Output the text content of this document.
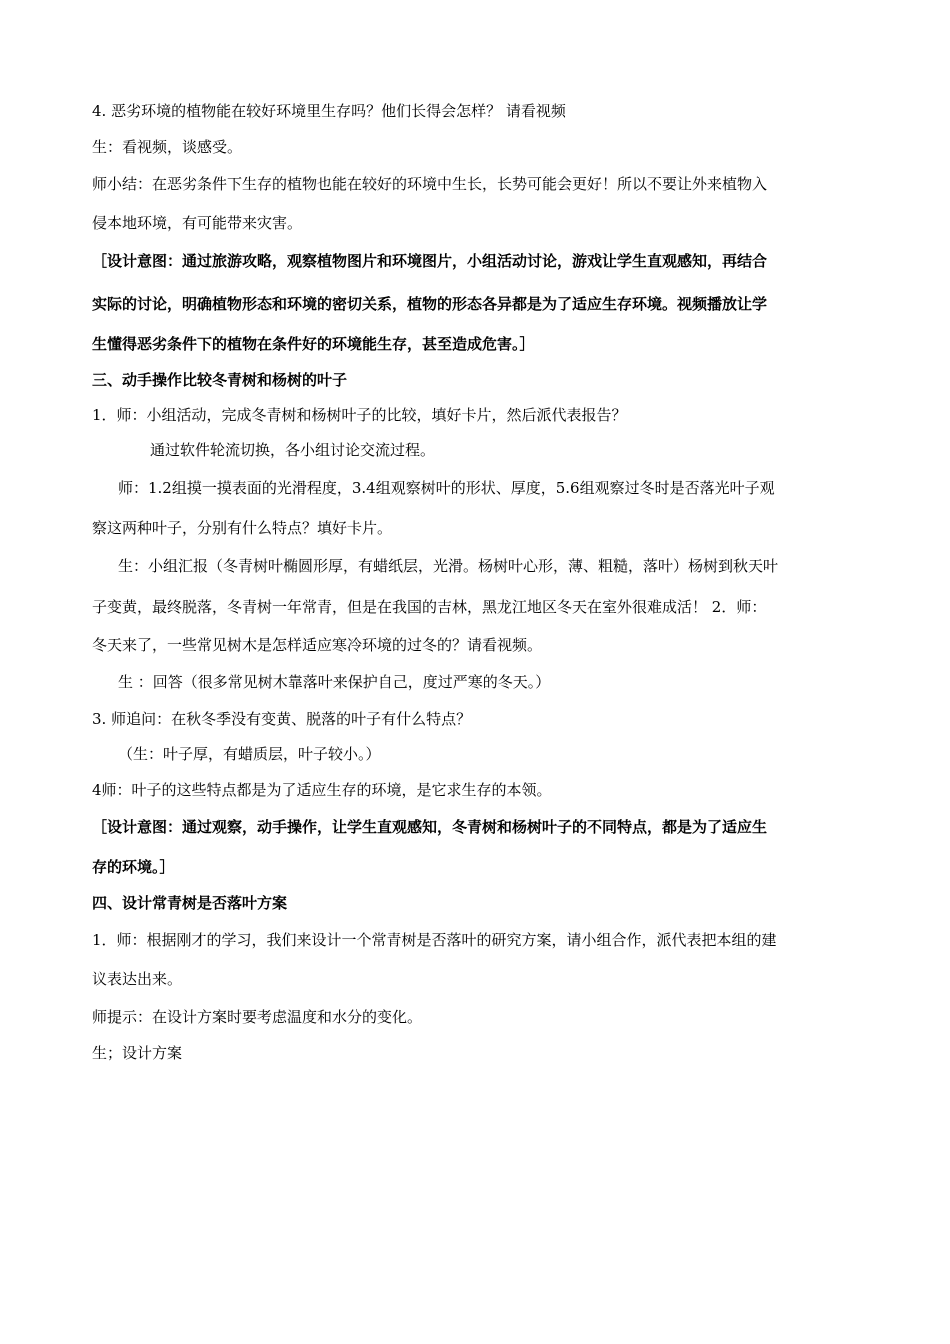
4. 恶劣环境的植物能在较好环境里生存吗？他们长得会怎样？ 请看视频
生：看视频，谈感受。
师小结：在恶劣条件下生存的植物也能在较好的环境中生长，长势可能会更好！所以不要让外来植物入
侵本地环境，有可能带来灾害。
［设计意图：通过旅游攻略，观察植物图片和环境图片，小组活动讨论，游戏让学生直观感知，再结合
实际的讨论，明确植物形态和环境的密切关系，植物的形态各异都是为了适应生存环境。视频播放让学
生懂得恶劣条件下的植物在条件好的环境能生存，甚至造成危害。］
三、动手操作比较冬青树和杨树的叶子
1．师：小组活动，完成冬青树和杨树叶子的比较，填好卡片，然后派代表报告？
通过软件轮流切换，各小组讨论交流过程。
师：1.2组摸一摸表面的光滑程度，3.4组观察树叶的形状、厚度，5.6组观察过冬时是否落光叶子观
察这两种叶子，分别有什么特点？填好卡片。
生：小组汇报（冬青树叶椭圆形厚，有蜡纸层，光滑。杨树叶心形，薄、粗糙，落叶）杨树到秋天叶
子变黄，最终脱落，冬青树一年常青，但是在我国的吉林，黑龙江地区冬天在室外很难成活！ 2．师：
冬天来了，一些常见树木是怎样适应寒冷环境的过冬的？请看视频。
生 ：回答（很多常见树木靠落叶来保护自己，度过严寒的冬天。）
3. 师追问：在秋冬季没有变黄、脱落的叶子有什么特点？
（生：叶子厚，有蜡质层，叶子较小。）
4师：叶子的这些特点都是为了适应生存的环境，是它求生存的本领。
［设计意图：通过观察，动手操作，让学生直观感知，冬青树和杨树叶子的不同特点，都是为了适应生
存的环境。］
四、设计常青树是否落叶方案
1．师：根据刚才的学习，我们来设计一个常青树是否落叶的研究方案，请小组合作，派代表把本组的建
议表达出来。
师提示：在设计方案时要考虑温度和水分的变化。
生；设计方案
